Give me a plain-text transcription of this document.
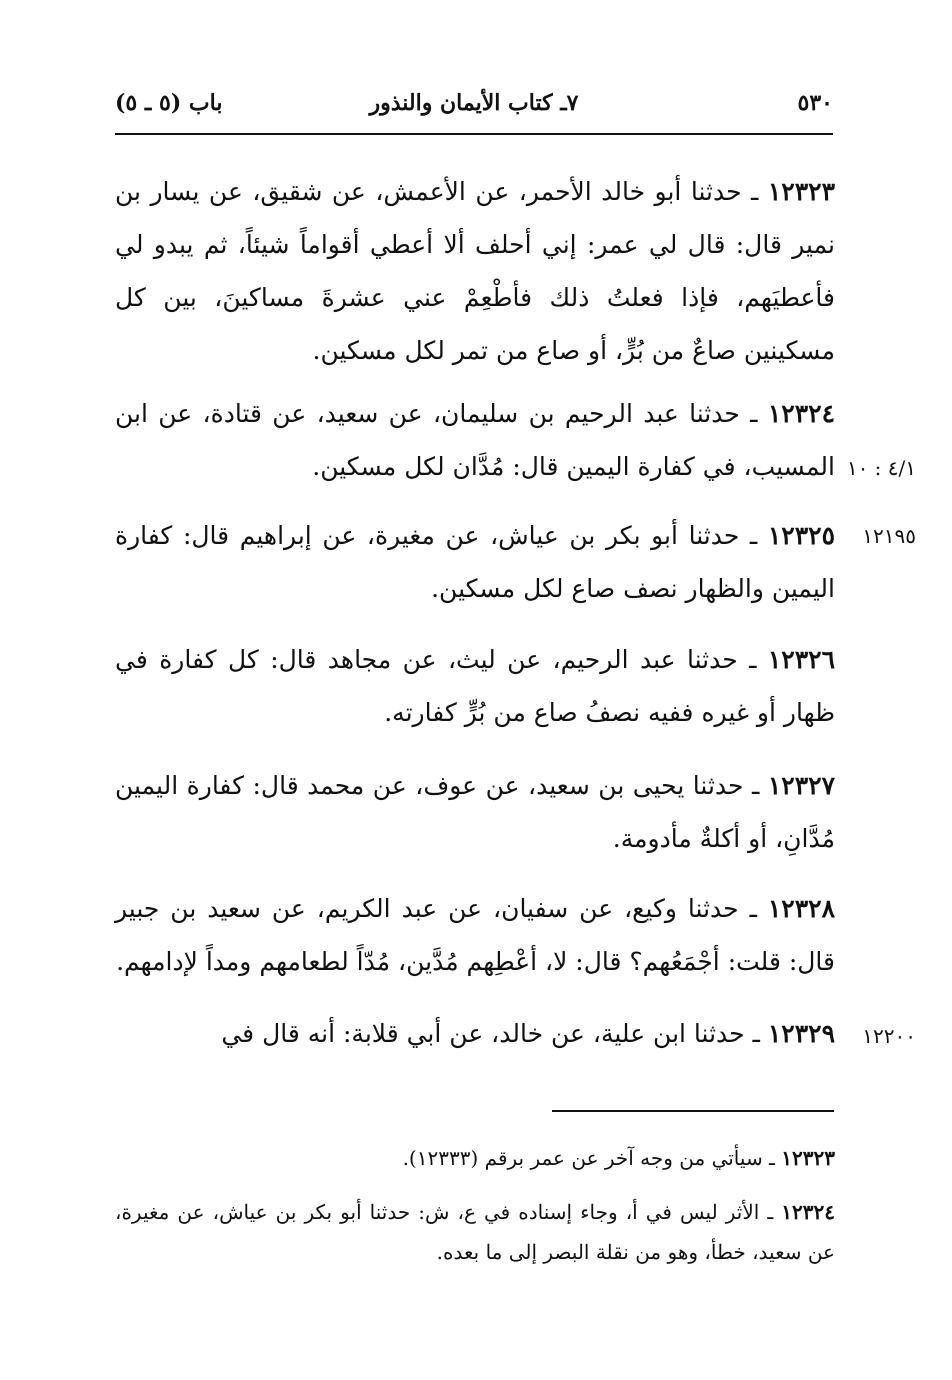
٥٣٠
٧ـ كتاب الأيمان والنذور
باب (٥ ـ ٥)
١٢٣٢٣ ـ حدثنا أبو خالد الأحمر، عن الأعمش، عن شقيق، عن يسار بن نمير قال: قال لي عمر: إني أحلف ألا أعطي أقواماً شيئاً، ثم يبدو لي فأعطيَهم، فإذا فعلتُ ذلك فأطْعِمْ عني عشرةَ مساكينَ، بين كل مسكينين صاعٌ من بُرٍّ، أو صاع من تمر لكل مسكين.
١٢٣٢٤ ـ حدثنا عبد الرحيم بن سليمان، عن سعيد، عن قتادة، عن ابن المسيب، في كفارة اليمين قال: مُدَّان لكل مسكين. ٤/١ : ١٠
١٢٣٢٥ ـ حدثنا أبو بكر بن عياش، عن مغيرة، عن إبراهيم قال: كفارة اليمين والظهار نصف صاع لكل مسكين.
١٢١٩٥
١٢٣٢٦ ـ حدثنا عبد الرحيم، عن ليث، عن مجاهد قال: كل كفارة في ظهار أو غيره ففيه نصفُ صاع من بُرٍّ كفارته.
١٢٣٢٧ ـ حدثنا يحيى بن سعيد، عن عوف، عن محمد قال: كفارة اليمين مُدَّانِ، أو أكلةٌ مأدومة.
١٢٣٢٨ ـ حدثنا وكيع، عن سفيان، عن عبد الكريم، عن سعيد بن جبير قال: قلت: أجْمَعُهم؟ قال: لا، أعْطِهم مُدَّين، مُدّاً لطعامهم ومداً لإدامهم.
١٢٣٢٩ ـ حدثنا ابن علية، عن خالد، عن أبي قلابة: أنه قال في	١٢٢٠٠
١٢٣٢٣ ـ سيأتي من وجه آخر عن عمر برقم (١٢٣٣٣).
١٢٣٢٤ ـ الأثر ليس في أ، وجاء إسناده في ع، ش: حدثنا أبو بكر بن عياش، عن مغيرة، عن سعيد، خطأ، وهو من نقلة البصر إلى ما بعده.
